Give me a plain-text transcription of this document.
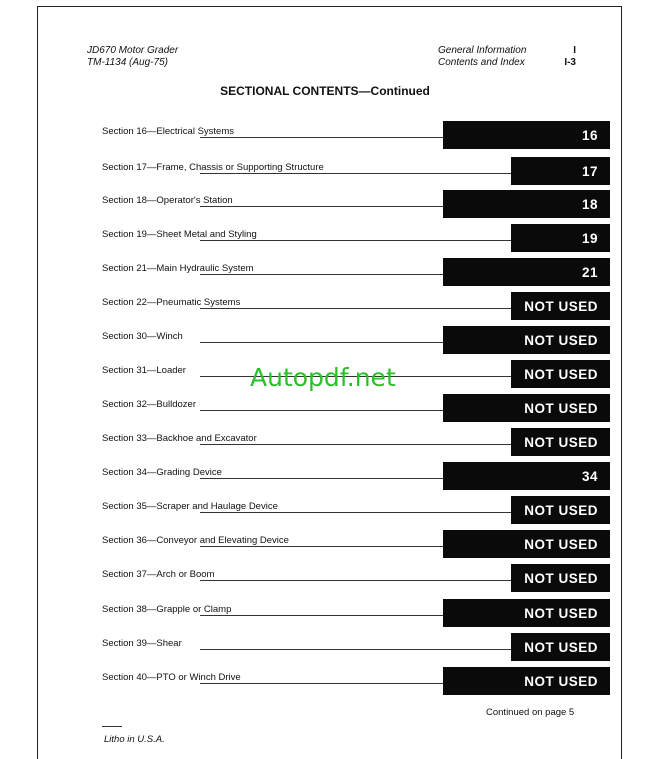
JD670 Motor Grader
TM-1134 (Aug-75)
General Information
Contents and Index
I
I-3
SECTIONAL CONTENTS—Continued
Section 16—Electrical Systems	16
Section 17—Frame, Chassis or Supporting Structure	17
Section 18—Operator's Station	18
Section 19—Sheet Metal and Styling	19
Section 21—Main Hydraulic System	21
Section 22—Pneumatic Systems	NOT USED
Section 30—Winch	NOT USED
Section 31—Loader	NOT USED
Section 32—Bulldozer	NOT USED
Section 33—Backhoe and Excavator	NOT USED
Section 34—Grading Device	34
Section 35—Scraper and Haulage Device	NOT USED
Section 36—Conveyor and Elevating Device	NOT USED
Section 37—Arch or Boom	NOT USED
Section 38—Grapple or Clamp	NOT USED
Section 39—Shear	NOT USED
Section 40—PTO or Winch Drive	NOT USED
Autopdf.net
Continued on page 5
Litho in U.S.A.
